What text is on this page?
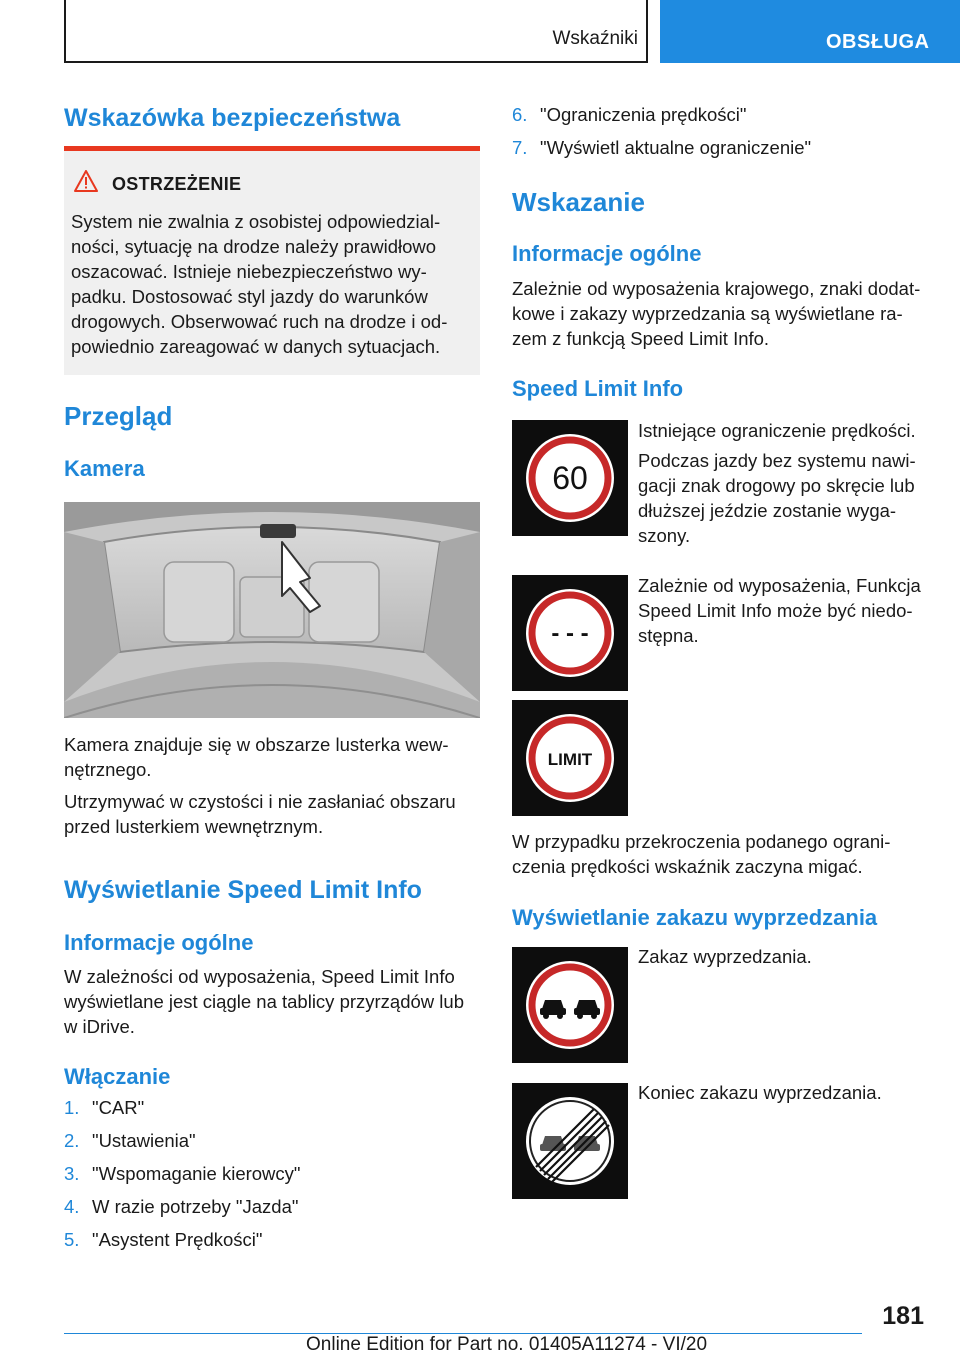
Wskaźniki	OBSŁUGA
Wskazówka bezpieczeństwa
OSTRZEŻENIE

System nie zwalnia z osobistej odpowiedzial-ności, sytuację na drodze należy prawidłowo oszacować. Istnieje niebezpieczeństwo wy-padku. Dostosować styl jazdy do warunków drogowych. Obserwować ruch na drodze i od-powiednio zareagować w danych sytuacjach.

Przegląd
Kamera

Kamera znajduje się w obszarze lusterka wew-nętrznego.

Utrzymywać w czystości i nie zasłaniać obszaru przed lusterkiem wewnętrznym.

Wyświetlanie Speed Limit Info
Informacje ogólne

W zależności od wyposażenia, Speed Limit Info wyświetlane jest ciągle na tablicy przyrządów lub w iDrive.

Włączanie
1. "CAR"
2. "Ustawienia"
3. "Wspomaganie kierowcy"
4. W razie potrzeby "Jazda"
5. "Asystent Prędkości"
6. "Ograniczenia prędkości"
7. "Wyświetl aktualne ograniczenie"
Wskazanie
Informacje ogólne

Zależnie od wyposażenia krajowego, znaki dodat-kowe i zakazy wyprzedzania są wyświetlane ra-zem z funkcją Speed Limit Info.

Speed Limit Info
60

Istniejące ograniczenie prędkości.

Podczas jazdy bez systemu nawi-gacji znak drogowy po skręcie lub dłuższej jeździe zostanie wyga-szony.

- - -

Zależnie od wyposażenia, Funkcja Speed Limit Info może być niedo-stępna.

LIMIT

W przypadku przekroczenia podanego ograni-czenia prędkości wskaźnik zaczyna migać.

Wyświetlanie zakazu wyprzedzania

Zakaz wyprzedzania.

Koniec zakazu wyprzedzania.

181
Online Edition for Part no. 01405A11274 - VI/20
